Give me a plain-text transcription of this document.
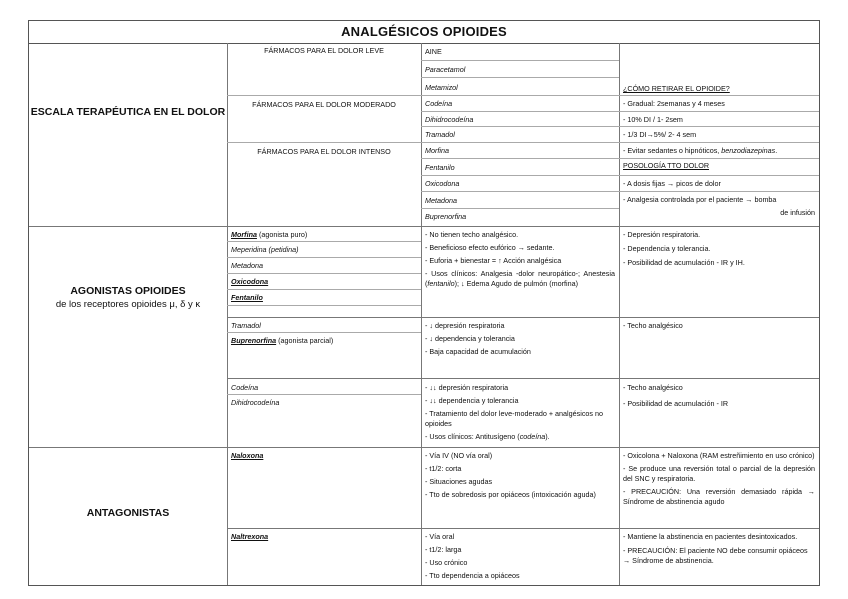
ANALGÉSICOS OPIOIDES
ESCALA TERAPÉUTICA EN EL DOLOR
FÁRMACOS PARA EL DOLOR LEVE
FÁRMACOS PARA EL DOLOR MODERADO
FÁRMACOS PARA EL DOLOR INTENSO
AINE
Paracetamol
Metamizol
Codeína
Dihidrocodeína
Tramadol
Morfina
Fentanilo
Oxicodona
Metadona
Buprenorfina
¿CÓMO RETIRAR EL OPIOIDE?
- Gradual: 2semanas y 4 meses
- 10% DI / 1- 2sem
- 1/3 DI→5%/ 2- 4 sem
- Evitar sedantes o hipnóticos, benzodiazepinas.
POSOLOGÍA TTO DOLOR
- A dosis fijas → picos de dolor
- Analgesia controlada por el paciente → bomba
de infusión
AGONISTAS OPIOIDES
de los receptores opioides μ, δ y κ
Morfina (agonista puro)
Meperidina (petidina)
Metadona
Oxicodona
Fentanilo
- No tienen techo analgésico.
- Beneficioso efecto eufórico → sedante.
- Euforia + bienestar = ↑ Acción analgésica
- Usos clínicos: Analgesia -dolor neuropático-; Anestesia (fentanilo); ↓ Edema Agudo de pulmón (morfina)
- Depresión respiratoria.
- Dependencia y tolerancia.
- Posibilidad de acumulación - IR y IH.
Tramadol
Buprenorfina (agonista parcial)
- ↓ depresión respiratoria
- ↓ dependencia y tolerancia
- Baja capacidad de acumulación
- Techo analgésico
Codeína
Dihidrocodeína
- ↓↓ depresión respiratoria
- ↓↓ dependencia y tolerancia
- Tratamiento del dolor leve-moderado + analgésicos no opioides
- Usos clínicos: Antitusígeno (codeína).
- Techo analgésico
- Posibilidad de acumulación - IR
ANTAGONISTAS
Naloxona	- Vía IV (NO vía oral)
- t1/2: corta
- Situaciones agudas
- Tto de sobredosis por opiáceos (intoxicación aguda)
- Oxicolona + Naloxona (RAM estreñimiento en uso crónico)
- Se produce una reversión total o parcial de la depresión del SNC y respiratoria.
- PRECAUCIÓN: Una reversión demasiado rápida → Síndrome de abstinencia agudo
Naltrexona	- Vía oral
- t1/2: larga
- Uso crónico
- Tto dependencia a opiáceos
- Mantiene la abstinencia en pacientes desintoxicados.
- PRECAUCIÓN: El paciente NO debe consumir opiáceos → Síndrome de abstinencia.
